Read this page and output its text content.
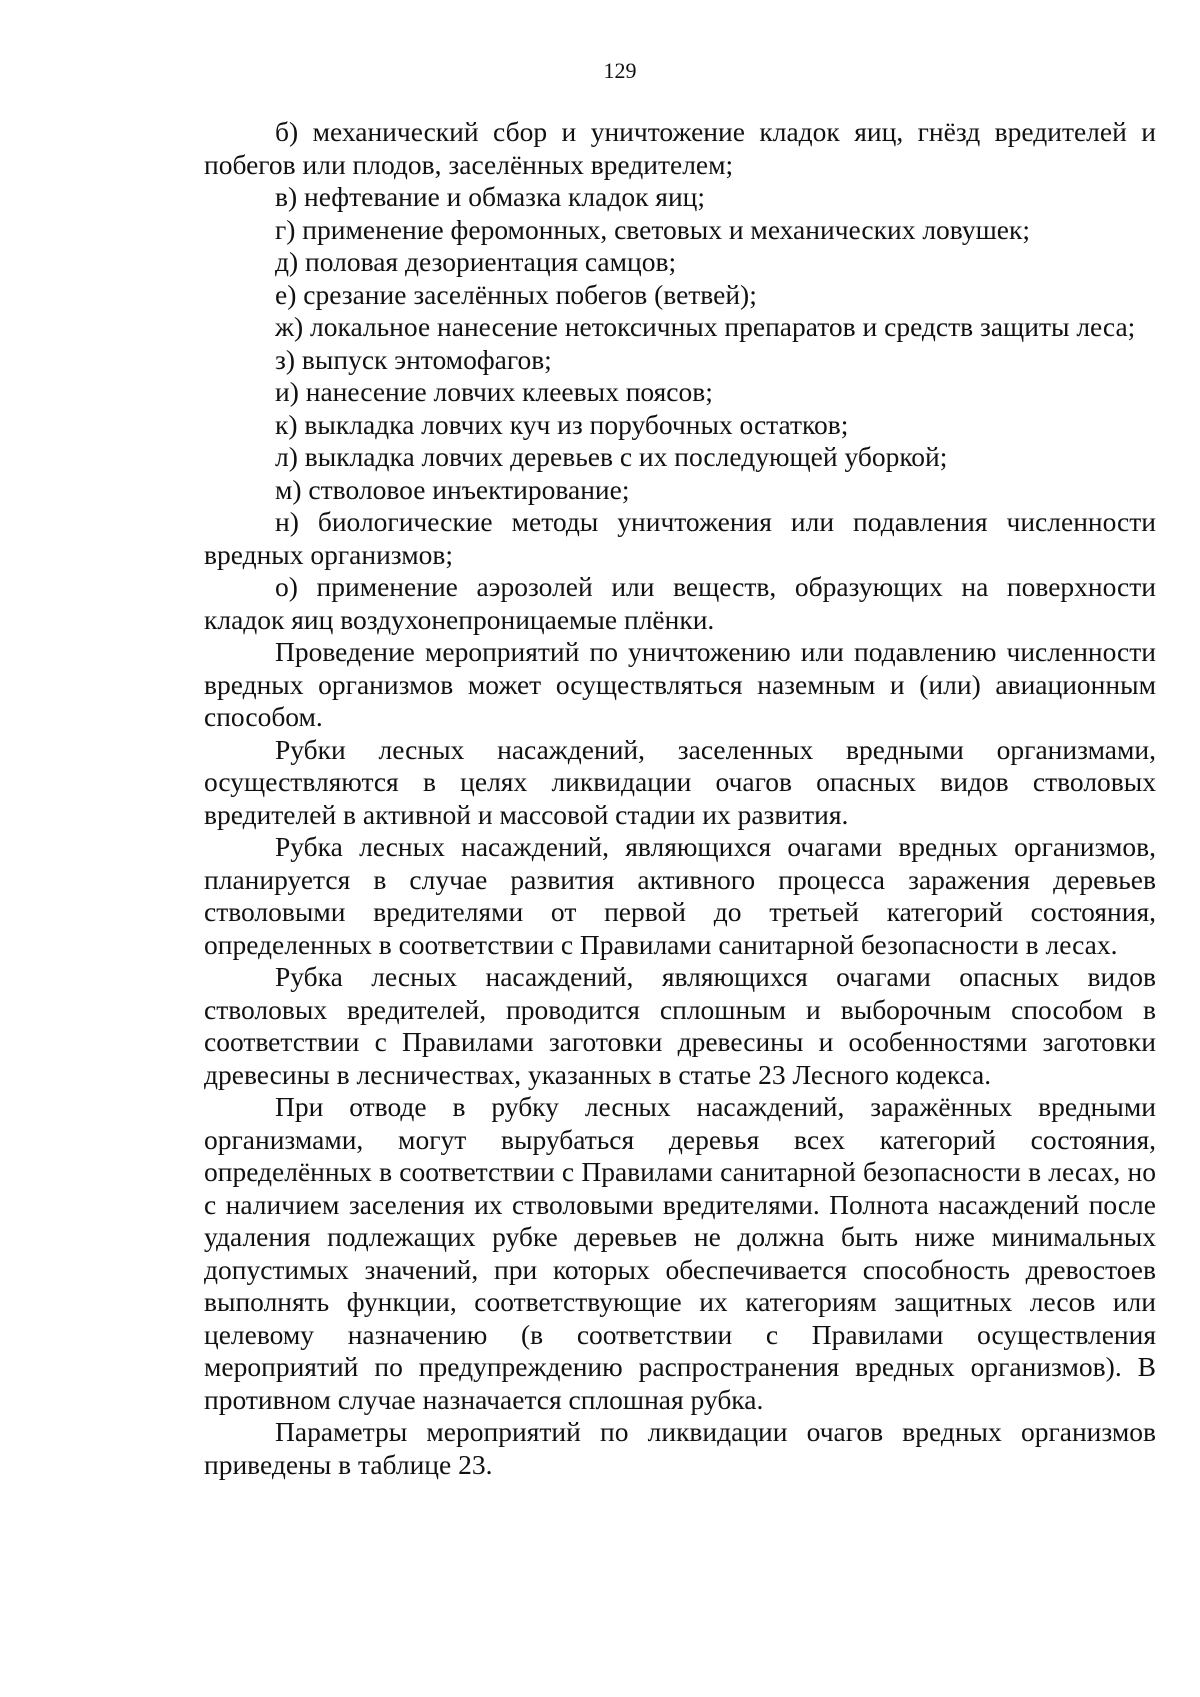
129

б) механический сбор и уничтожение кладок яиц, гнёзд вредителей и побегов или плодов, заселённых вредителем;

в) нефтевание и обмазка кладок яиц;

г) применение феромонных, световых и механических ловушек;

д) половая дезориентация самцов;

е) срезание заселённых побегов (ветвей);

ж) локальное нанесение нетоксичных препаратов и средств защиты леса;

з) выпуск энтомофагов;

и) нанесение ловчих клеевых поясов;

к) выкладка ловчих куч из порубочных остатков;

л) выкладка ловчих деревьев с их последующей уборкой;

м) стволовое инъектирование;

н) биологические методы уничтожения или подавления численности вредных организмов;

о) применение аэрозолей или веществ, образующих на поверхности кладок яиц воздухонепроницаемые плёнки.

Проведение мероприятий по уничтожению или подавлению численности вредных организмов может осуществляться наземным и (или) авиационным способом.

Рубки лесных насаждений, заселенных вредными организмами, осуществляются в целях ликвидации очагов опасных видов стволовых вредителей в активной и массовой стадии их развития.

Рубка лесных насаждений, являющихся очагами вредных организмов, планируется в случае развития активного процесса заражения деревьев стволовыми вредителями от первой до третьей категорий состояния, определенных в соответствии с Правилами санитарной безопасности в лесах.

Рубка лесных насаждений, являющихся очагами опасных видов стволовых вредителей, проводится сплошным и выборочным способом в соответствии с Правилами заготовки древесины и особенностями заготовки древесины в лесничествах, указанных в статье 23 Лесного кодекса.

При отводе в рубку лесных насаждений, заражённых вредными организмами, могут вырубаться деревья всех категорий состояния, определённых в соответствии с Правилами санитарной безопасности в лесах, но с наличием заселения их стволовыми вредителями. Полнота насаждений после удаления подлежащих рубке деревьев не должна быть ниже минимальных допустимых значений, при которых обеспечивается способность древостоев выполнять функции, соответствующие их категориям защитных лесов или целевому назначению (в соответствии с Правилами осуществления мероприятий по предупреждению распространения вредных организмов). В противном случае назначается сплошная рубка.

Параметры мероприятий по ликвидации очагов вредных организмов приведены в таблице 23.
